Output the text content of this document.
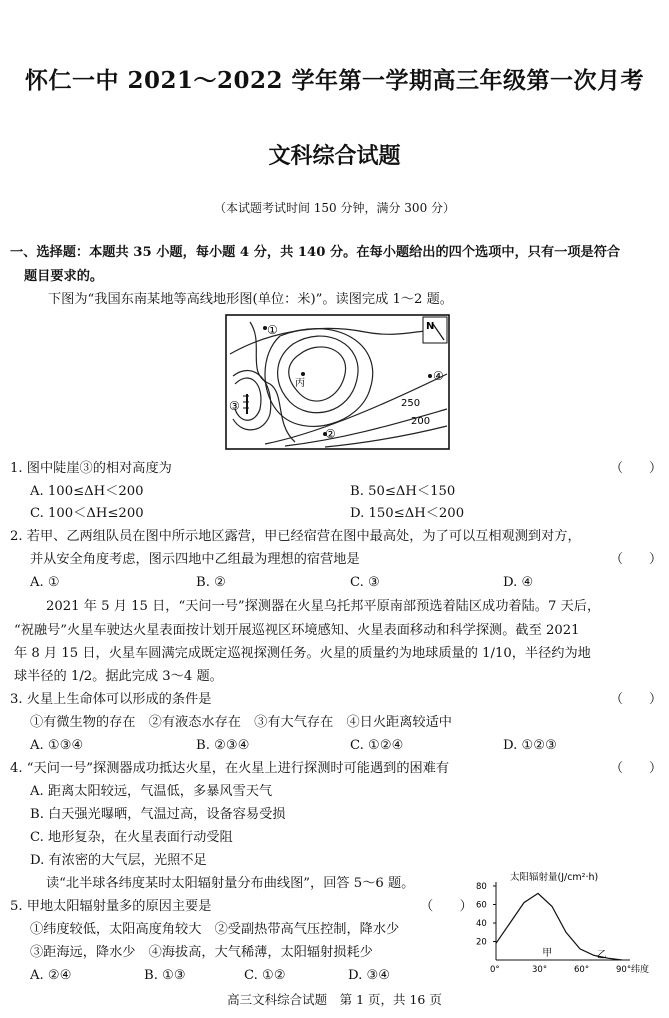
怀仁一中 2021～2022 学年第一学期高三年级第一次月考
文科综合试题
（本试题考试时间 150 分钟，满分 300 分）
一、选择题：本题共 35 小题，每小题 4 分，共 140 分。在每小题给出的四个选项中，只有一项是符合
题目要求的。
下图为“我国东南某地等高线地形图(单位：米)”。读图完成 1～2 题。
①
②
③
④
丙
250
200
N
1. 图中陡崖③的相对高度为	（　　）
A. 100≤ΔH＜200	B. 50≤ΔH＜150
C. 100＜ΔH≤200	D. 150≤ΔH＜200
2. 若甲、乙两组队员在图中所示地区露营，甲已经宿营在图中最高处，为了可以互相观测到对方，
并从安全角度考虑，图示四地中乙组最为理想的宿营地是	（　　）
A. ①	B. ②	C. ③	D. ④
2021 年 5 月 15 日，“天问一号”探测器在火星乌托邦平原南部预选着陆区成功着陆。7 天后，
“祝融号”火星车驶达火星表面按计划开展巡视区环境感知、火星表面移动和科学探测。截至 2021
年 8 月 15 日，火星车圆满完成既定巡视探测任务。火星的质量约为地球质量的 1/10，半径约为地
球半径的 1/2。据此完成 3～4 题。
3. 火星上生命体可以形成的条件是	（　　）
①有微生物的存在　②有液态水存在　③有大气存在　④日火距离较适中
A. ①③④	B. ②③④	C. ①②④	D. ①②③
4. “天问一号”探测器成功抵达火星，在火星上进行探测时可能遇到的困难有	（　　）
A. 距离太阳较远，气温低，多暴风雪天气
B. 白天强光曝晒，气温过高，设备容易受损
C. 地形复杂，在火星表面行动受阻
D. 有浓密的大气层，光照不足
读“北半球各纬度某时太阳辐射量分布曲线图”，回答 5～6 题。
5. 甲地太阳辐射量多的原因主要是	（　　）
①纬度较低，太阳高度角较大　②受副热带高气压控制，降水少
③距海远，降水少　④海拔高，大气稀薄，太阳辐射损耗少
A. ②④	B. ①③	C. ①②	D. ③④
太阳辐射量(J/cm²·h)
纬度
80
60
40
20
0°	30°	60°	90°
甲	乙
高三文科综合试题　第 1 页，共 16 页
